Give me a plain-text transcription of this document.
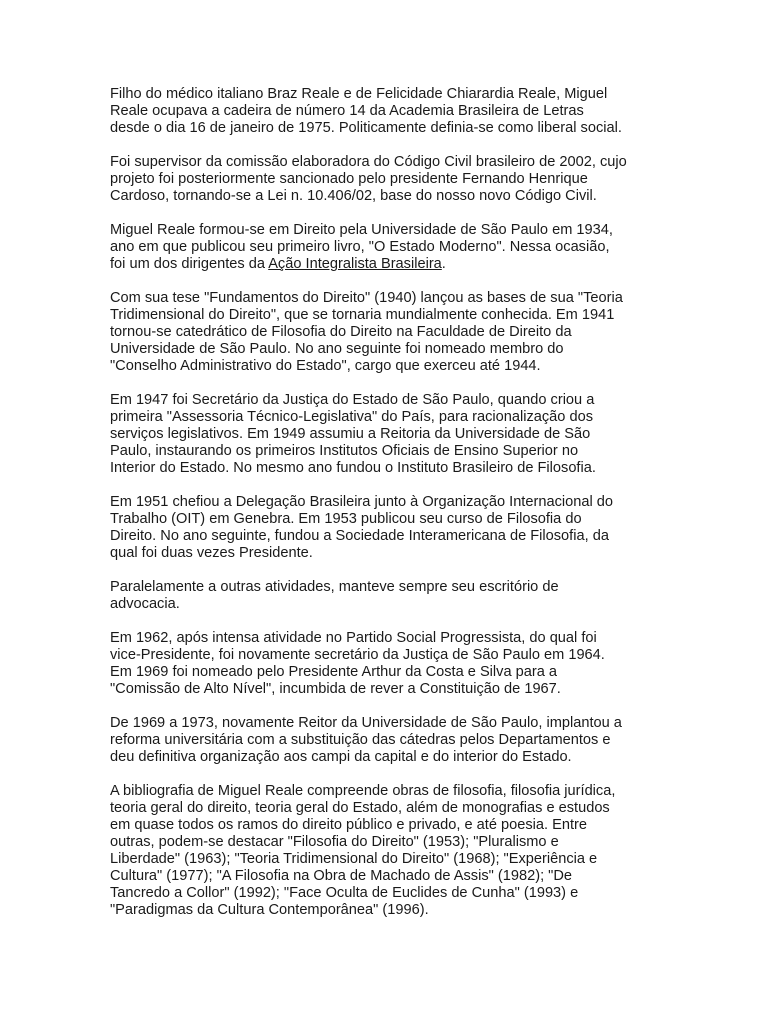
Filho do médico italiano Braz Reale e de Felicidade Chiarardia Reale, Miguel
Reale ocupava a cadeira de número 14 da Academia Brasileira de Letras
desde o dia 16 de janeiro de 1975. Politicamente definia-se como liberal social.

Foi supervisor da comissão elaboradora do Código Civil brasileiro de 2002, cujo
projeto foi posteriormente sancionado pelo presidente Fernando Henrique
Cardoso, tornando-se a Lei n. 10.406/02, base do nosso novo Código Civil.

Miguel Reale formou-se em Direito pela Universidade de São Paulo em 1934,
ano em que publicou seu primeiro livro, "O Estado Moderno". Nessa ocasião,
foi um dos dirigentes da Ação Integralista Brasileira.

Com sua tese "Fundamentos do Direito" (1940) lançou as bases de sua "Teoria
Tridimensional do Direito", que se tornaria mundialmente conhecida. Em 1941
tornou-se catedrático de Filosofia do Direito na Faculdade de Direito da
Universidade de São Paulo. No ano seguinte foi nomeado membro do
"Conselho Administrativo do Estado", cargo que exerceu até 1944.

Em 1947 foi Secretário da Justiça do Estado de São Paulo, quando criou a
primeira "Assessoria Técnico-Legislativa" do País, para racionalização dos
serviços legislativos. Em 1949 assumiu a Reitoria da Universidade de São
Paulo, instaurando os primeiros Institutos Oficiais de Ensino Superior no
Interior do Estado. No mesmo ano fundou o Instituto Brasileiro de Filosofia.

Em 1951 chefiou a Delegação Brasileira junto à Organização Internacional do
Trabalho (OIT) em Genebra. Em 1953 publicou seu curso de Filosofia do
Direito. No ano seguinte, fundou a Sociedade Interamericana de Filosofia, da
qual foi duas vezes Presidente.

Paralelamente a outras atividades, manteve sempre seu escritório de
advocacia.

Em 1962, após intensa atividade no Partido Social Progressista, do qual foi
vice-Presidente, foi novamente secretário da Justiça de São Paulo em 1964.
Em 1969 foi nomeado pelo Presidente Arthur da Costa e Silva para a
"Comissão de Alto Nível", incumbida de rever a Constituição de 1967.

De 1969 a 1973, novamente Reitor da Universidade de São Paulo, implantou a
reforma universitária com a substituição das cátedras pelos Departamentos e
deu definitiva organização aos campi da capital e do interior do Estado.

A bibliografia de Miguel Reale compreende obras de filosofia, filosofia jurídica,
teoria geral do direito, teoria geral do Estado, além de monografias e estudos
em quase todos os ramos do direito público e privado, e até poesia. Entre
outras, podem-se destacar "Filosofia do Direito" (1953); "Pluralismo e
Liberdade" (1963); "Teoria Tridimensional do Direito" (1968); "Experiência e
Cultura" (1977); "A Filosofia na Obra de Machado de Assis" (1982); "De
Tancredo a Collor" (1992); "Face Oculta de Euclides de Cunha" (1993) e
"Paradigmas da Cultura Contemporânea" (1996).
